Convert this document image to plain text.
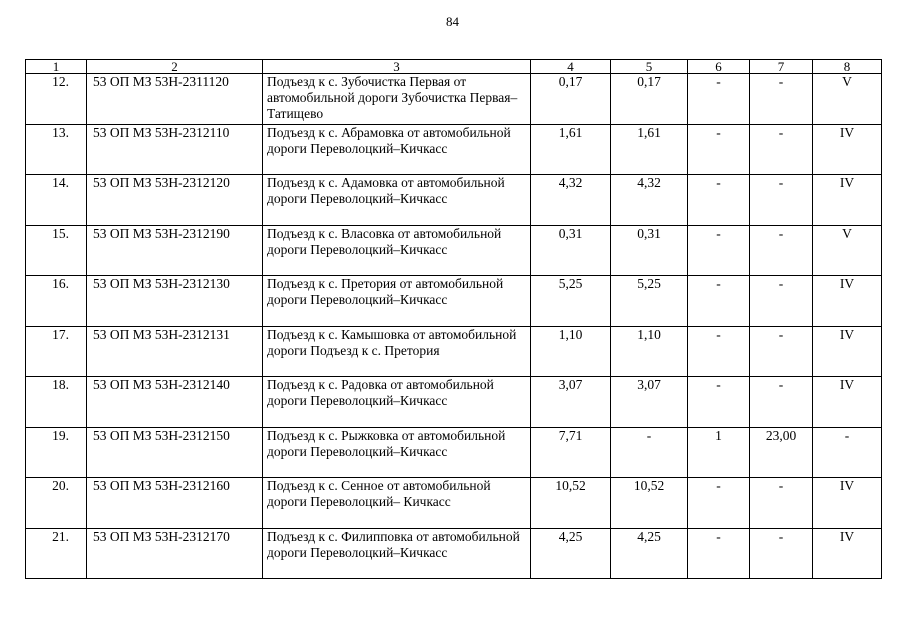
84
1	2	3	4	5	6	7	8
12.	53 ОП МЗ 53Н-2311120	Подъезд к с. Зубочистка Первая от автомобильной дороги Зубочистка Первая–Татищево	0,17	0,17	-	-	V
13.	53 ОП МЗ 53Н-2312110	Подъезд к с. Абрамовка от автомобильной дороги Переволоцкий–Кичкасс	1,61	1,61	-	-	IV
14.	53 ОП МЗ 53Н-2312120	Подъезд к с. Адамовка от автомобильной дороги Переволоцкий–Кичкасс	4,32	4,32	-	-	IV
15.	53 ОП МЗ 53Н-2312190	Подъезд к с. Власовка от автомобильной дороги Переволоцкий–Кичкасс	0,31	0,31	-	-	V
16.	53 ОП МЗ 53Н-2312130	Подъезд к с. Претория от автомобильной дороги Переволоцкий–Кичкасс	5,25	5,25	-	-	IV
17.	53 ОП МЗ 53Н-2312131	Подъезд к с. Камышовка от автомобильной дороги Подъезд к с. Претория	1,10	1,10	-	-	IV
18.	53 ОП МЗ 53Н-2312140	Подъезд к с. Радовка от автомобильной дороги Переволоцкий–Кичкасс	3,07	3,07	-	-	IV
19.	53 ОП МЗ 53Н-2312150	Подъезд к с. Рыжковка от автомобильной дороги Переволоцкий–Кичкасс	7,71	-	1	23,00	-
20.	53 ОП МЗ 53Н-2312160	Подъезд к с. Сенное от автомобильной дороги Переволоцкий– Кичкасс	10,52	10,52	-	-	IV
21.	53 ОП МЗ 53Н-2312170	Подъезд к с. Филипповка от автомобильной дороги Переволоцкий–Кичкасс	4,25	4,25	-	-	IV
